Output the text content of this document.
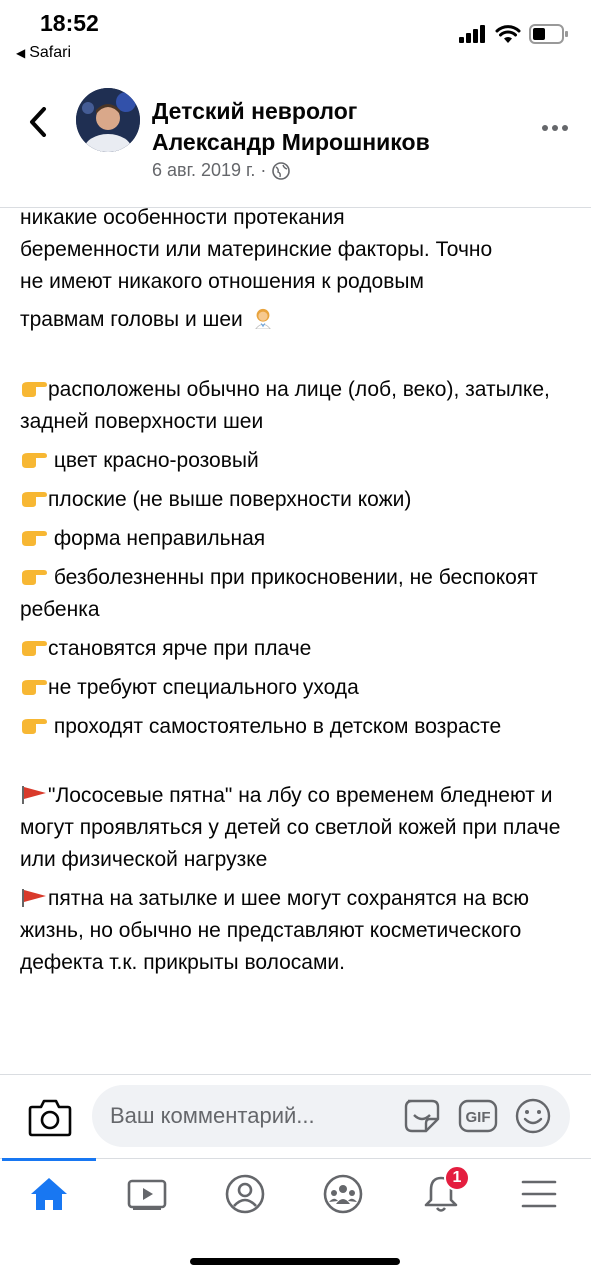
18:52
◀ Safari
Детский невролог Александр Мирошников
6 авг. 2019 г. ·
никакие особенности протекания
беременности или материнские факторы. Точно
не имеют никакого отношения к родовым
травмам головы и шеи
расположены обычно на лице (лоб, веко), затылке, задней поверхности шеи
цвет красно-розовый
плоские (не выше поверхности кожи)
форма неправильная
безболезненны при прикосновении, не беспокоят ребенка
становятся ярче при плаче
не требуют специального ухода
проходят самостоятельно в детском возрасте
"Лососевые пятна" на лбу со временем бледнеют и могут проявляться у детей со светлой кожей при плаче или физической нагрузке
пятна на затылке и шее могут сохранятся на всю жизнь, но обычно не представляют косметического дефекта т.к. прикрыты волосами.
Ваш комментарий...
GIF
1
